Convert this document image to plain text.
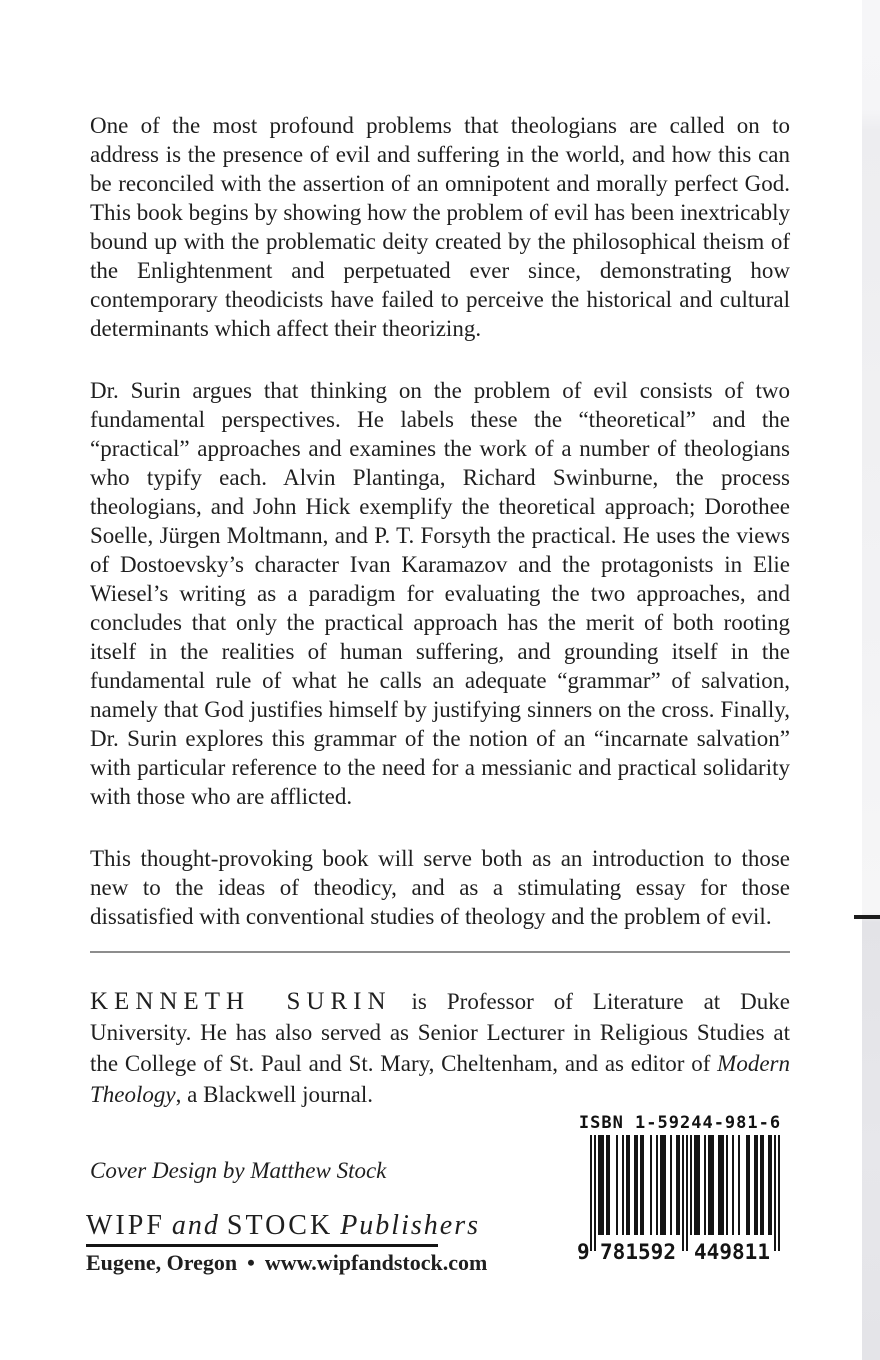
One of the most profound problems that theologians are called on to address is the presence of evil and suffering in the world, and how this can be reconciled with the assertion of an omnipotent and morally perfect God. This book begins by showing how the problem of evil has been inextricably bound up with the problematic deity created by the philosophical theism of the Enlightenment and perpetuated ever since, demonstrating how contemporary theodicists have failed to perceive the historical and cultural determinants which affect their theorizing.

Dr. Surin argues that thinking on the problem of evil consists of two fundamental perspectives. He labels these the “theoretical” and the “practical” approaches and examines the work of a number of theologians who typify each. Alvin Plantinga, Richard Swinburne, the process theologians, and John Hick exemplify the theoretical approach; Dorothee Soelle, Jürgen Moltmann, and P. T. Forsyth the practical. He uses the views of Dostoevsky’s character Ivan Karamazov and the protagonists in Elie Wiesel’s writing as a paradigm for evaluating the two approaches, and concludes that only the practical approach has the merit of both rooting itself in the realities of human suffering, and grounding itself in the fundamental rule of what he calls an adequate “grammar” of salvation, namely that God justifies himself by justifying sinners on the cross. Finally, Dr. Surin explores this grammar of the notion of an “incarnate salvation” with particular reference to the need for a messianic and practical solidarity with those who are afflicted.

This thought-provoking book will serve both as an introduction to those new to the ideas of theodicy, and as a stimulating essay for those dissatisfied with conventional studies of theology and the problem of evil.

KENNETH SURIN is Professor of Literature at Duke University. He has also served as Senior Lecturer in Religious Studies at the College of St. Paul and St. Mary, Cheltenham, and as editor of Modern Theology, a Blackwell journal.

Cover Design by Matthew Stock

WIPF and STOCK Publishers

Eugene, Oregon • www.wipfandstock.com

ISBN 1-59244-981-6

9 781592 449811
